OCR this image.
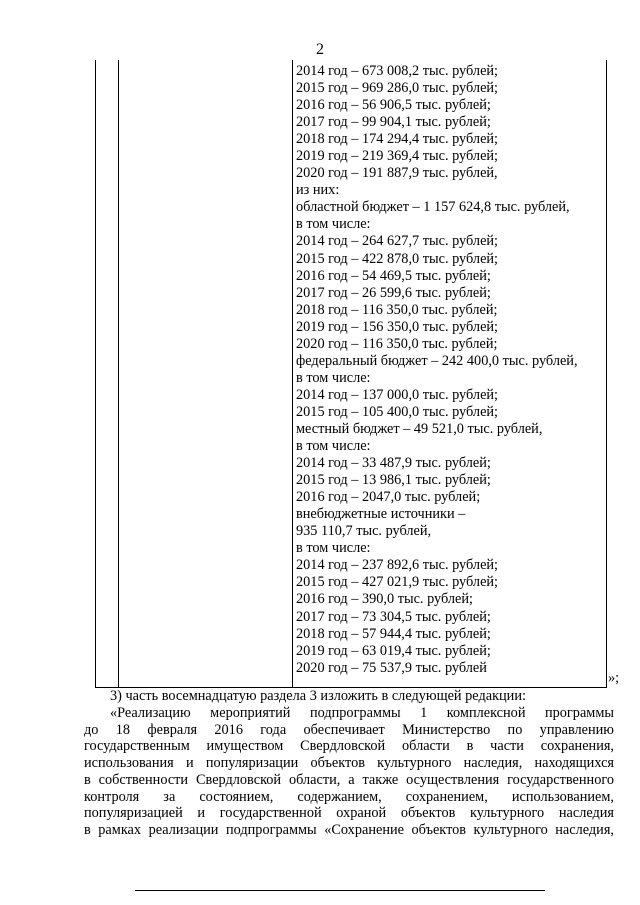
2
2014 год – 673 008,2 тыс. рублей;
2015 год – 969 286,0 тыс. рублей;
2016 год – 56 906,5 тыс. рублей;
2017 год – 99 904,1 тыс. рублей;
2018 год – 174 294,4 тыс. рублей;
2019 год – 219 369,4 тыс. рублей;
2020 год – 191 887,9 тыс. рублей,
из них:
областной бюджет – 1 157 624,8 тыс. рублей,
в том числе:
2014 год – 264 627,7 тыс. рублей;
2015 год – 422 878,0 тыс. рублей;
2016 год – 54 469,5 тыс. рублей;
2017 год – 26 599,6 тыс. рублей;
2018 год – 116 350,0 тыс. рублей;
2019 год – 156 350,0 тыс. рублей;
2020 год – 116 350,0 тыс. рублей;
федеральный бюджет – 242 400,0 тыс. рублей,
в том числе:
2014 год – 137 000,0 тыс. рублей;
2015 год – 105 400,0 тыс. рублей;
местный бюджет – 49 521,0 тыс. рублей,
в том числе:
2014 год – 33 487,9 тыс. рублей;
2015 год – 13 986,1 тыс. рублей;
2016 год – 2047,0 тыс. рублей;
внебюджетные источники –
935 110,7 тыс. рублей,
в том числе:
2014 год – 237 892,6 тыс. рублей;
2015 год – 427 021,9 тыс. рублей;
2016 год – 390,0 тыс. рублей;
2017 год – 73 304,5 тыс. рублей;
2018 год – 57 944,4 тыс. рублей;
2019 год – 63 019,4 тыс. рублей;
2020 год – 75 537,9 тыс. рублей
»;
3) часть восемнадцатую раздела 3 изложить в следующей редакции:
«Реализацию мероприятий подпрограммы 1 комплексной программы
до 18 февраля 2016 года обеспечивает Министерство по управлению
государственным имуществом Свердловской области в части сохранения,
использования и популяризации объектов культурного наследия, находящихся
в собственности Свердловской области, а также осуществления государственного
контроля за состоянием, содержанием, сохранением, использованием,
популяризацией и государственной охраной объектов культурного наследия
в рамках реализации подпрограммы «Сохранение объектов культурного наследия,
